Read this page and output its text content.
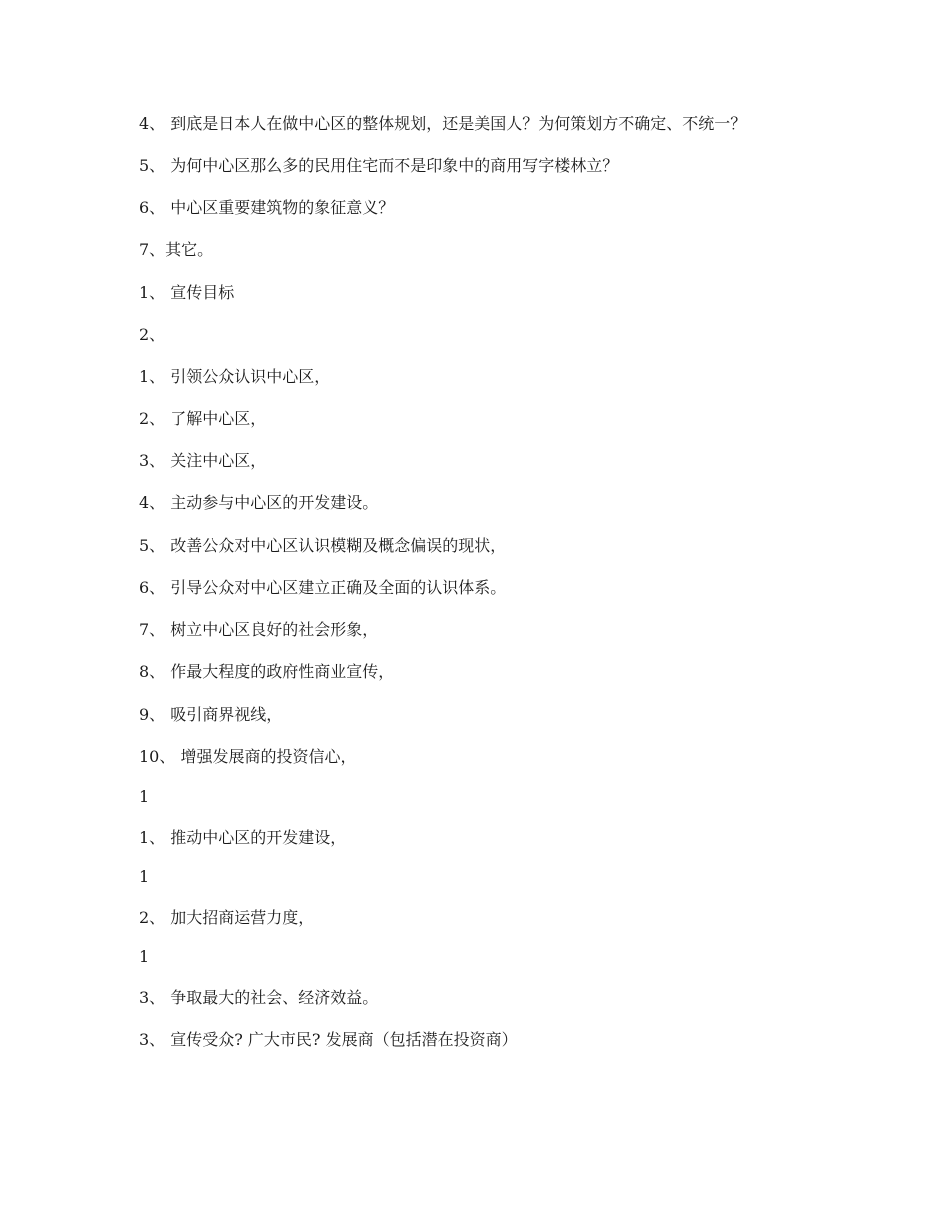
4、 到底是日本人在做中心区的整体规划，还是美国人？为何策划方不确定、不统一？

5、 为何中心区那么多的民用住宅而不是印象中的商用写字楼林立？

6、 中心区重要建筑物的象征意义？

7、其它。

1、 宣传目标

2、

1、 引领公众认识中心区，

2、 了解中心区，

3、 关注中心区，

4、 主动参与中心区的开发建设。

5、 改善公众对中心区认识模糊及概念偏误的现状，

6、 引导公众对中心区建立正确及全面的认识体系。

7、 树立中心区良好的社会形象，

8、 作最大程度的政府性商业宣传，

9、 吸引商界视线，

10、 增强发展商的投资信心，

1

1、 推动中心区的开发建设，

1

2、 加大招商运营力度，

1

3、 争取最大的社会、经济效益。

3、 宣传受众? 广大市民? 发展商（包括潜在投资商）
